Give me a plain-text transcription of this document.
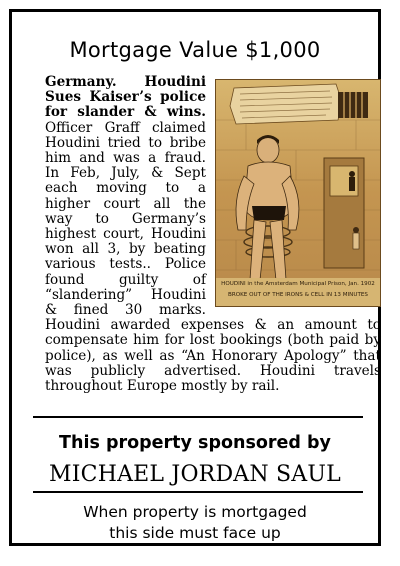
Mortgage Value $1,000
HOUDINI in the Amsterdam Municipal Prison, Jan. 1902
BROKE OUT OF THE IRONS & CELL IN 13 MINUTES
Germany. Houdini Sues Kaiser’s police for slander & wins. Officer Graff claimed Houdini tried to bribe him and was a fraud. In Feb, July, & Sept each moving to a higher court all the way to Germany’s highest court, Houdini won all 3, by beating various tests.. Police found guilty of “slandering” Houdini & fined 30 marks. Houdini awarded expenses & an amount to compensate him for lost bookings (both paid by police), as well as “An Honorary Apology” that was publicly advertised. Houdini travels throughout Europe mostly by rail.
This property sponsored by
MICHAEL JORDAN SAUL
When property is mortgaged
this side must face up
